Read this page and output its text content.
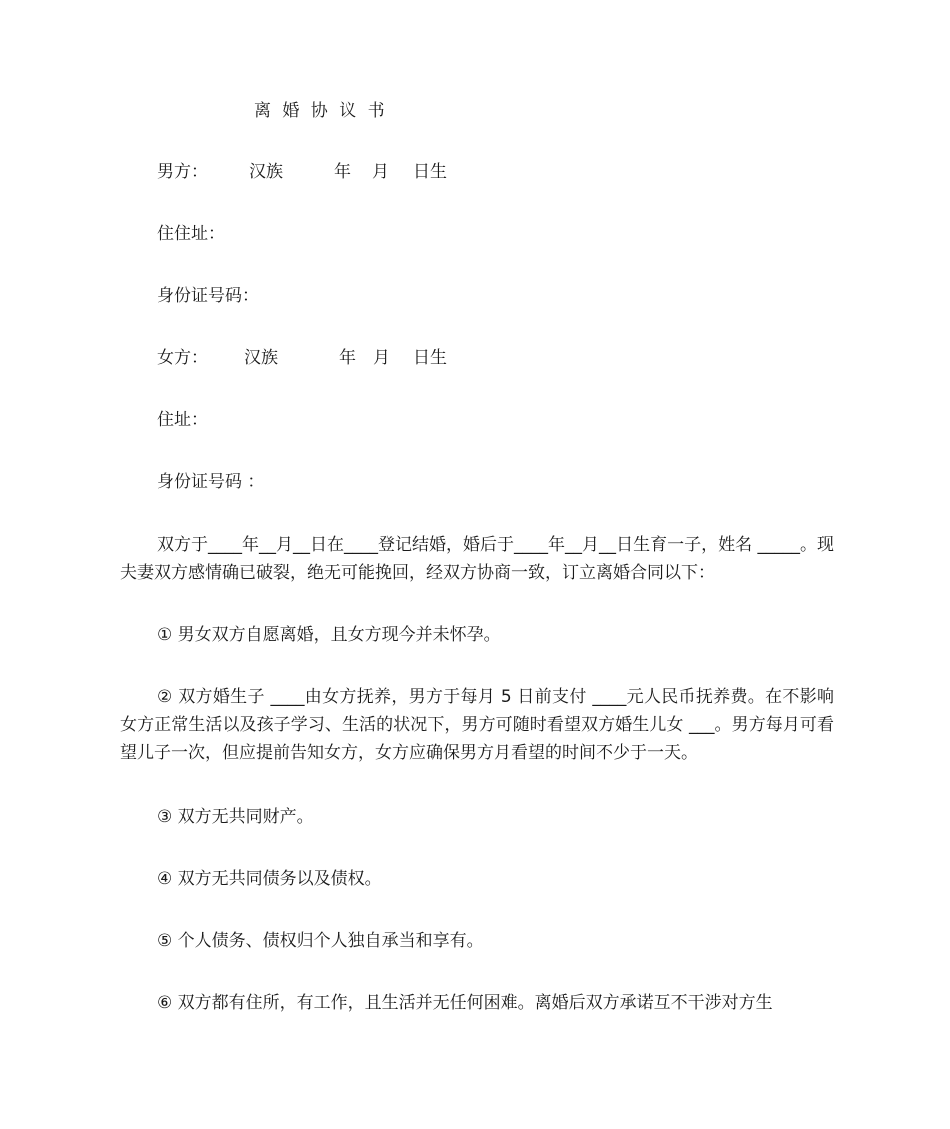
离 婚 协 议 书
男方： 汉族	年 月 日生
住住址：
身份证号码：
女方： 汉族	年 月 日生
住址：
身份证号码 ：
双方于____年__月__日在____登记结婚，婚后于____年__月__日生育一子，姓名 _____。现夫妻双方感情确已破裂，绝无可能挽回，经双方协商一致，订立离婚合同以下：
① 男女双方自愿离婚，且女方现今并未怀孕。
② 双方婚生子 ____由女方抚养，男方于每月 5 日前支付 ____元人民币抚养费。在不影响女方正常生活以及孩子学习、生活的状况下，男方可随时看望双方婚生儿女 ___。男方每月可看望儿子一次，但应提前告知女方，女方应确保男方月看望的时间不少于一天。
③ 双方无共同财产。
④ 双方无共同债务以及债权。
⑤ 个人债务、债权归个人独自承当和享有。
⑥ 双方都有住所，有工作，且生活并无任何困难。离婚后双方承诺互不干涉对方生
